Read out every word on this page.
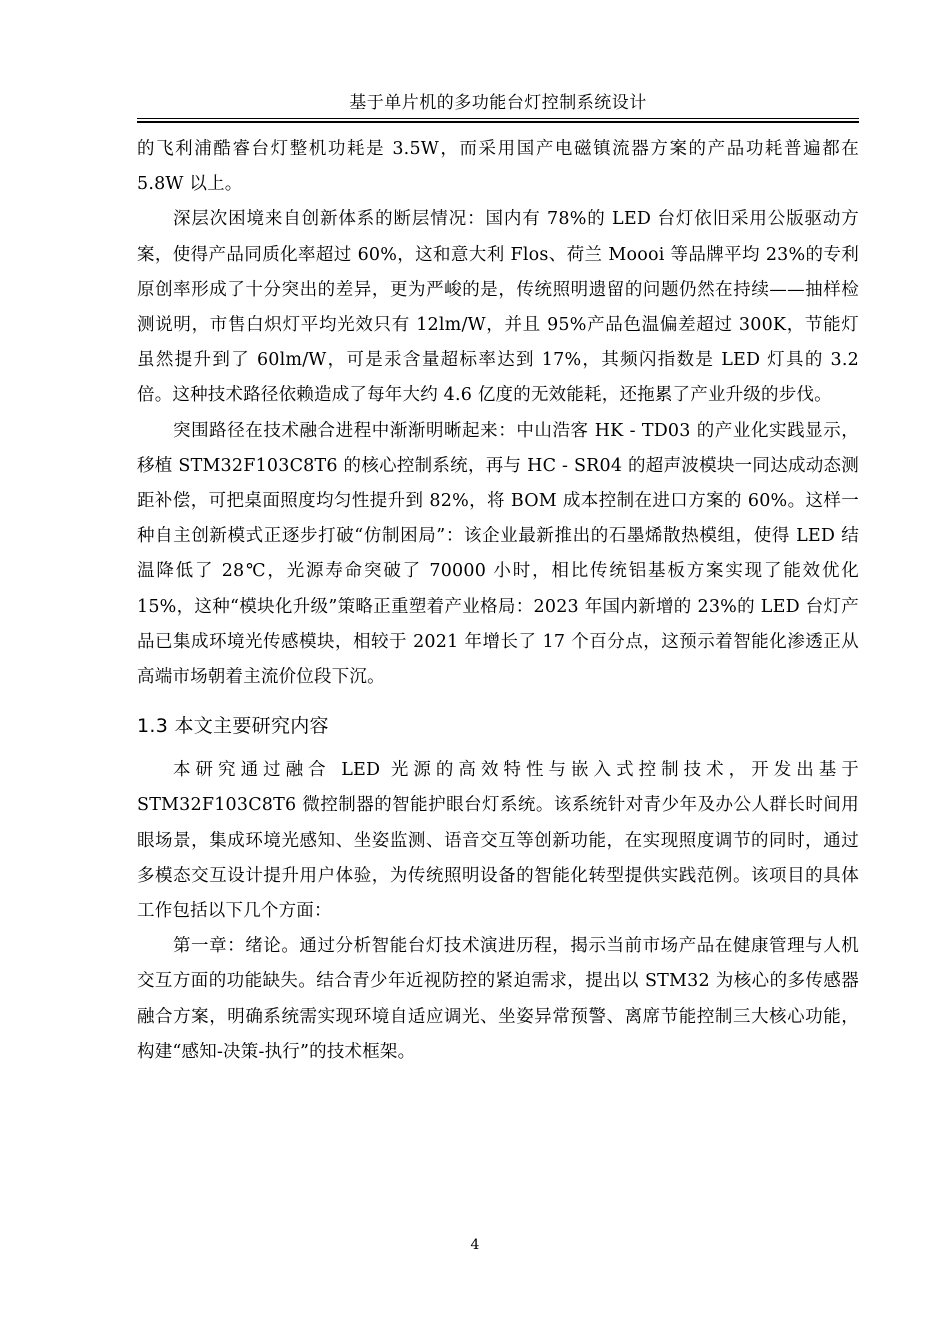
基于单片机的多功能台灯控制系统设计

的飞利浦酷睿台灯整机功耗是 3.5W，而采用国产电磁镇流器方案的产品功耗普遍都在 5.8W 以上。

深层次困境来自创新体系的断层情况：国内有 78%的 LED 台灯依旧采用公版驱动方案，使得产品同质化率超过 60%，这和意大利 Flos、荷兰 Moooi 等品牌平均 23%的专利原创率形成了十分突出的差异，更为严峻的是，传统照明遗留的问题仍然在持续——抽样检测说明，市售白炽灯平均光效只有 12lm/W，并且 95%产品色温偏差超过 300K，节能灯虽然提升到了 60lm/W，可是汞含量超标率达到 17%，其频闪指数是 LED 灯具的 3.2 倍。这种技术路径依赖造成了每年大约 4.6 亿度的无效能耗，还拖累了产业升级的步伐。

突围路径在技术融合进程中渐渐明晰起来：中山浩客 HK - TD03 的产业化实践显示，移植 STM32F103C8T6 的核心控制系统，再与 HC - SR04 的超声波模块一同达成动态测距补偿，可把桌面照度均匀性提升到 82%，将 BOM 成本控制在进口方案的 60%。这样一种自主创新模式正逐步打破“仿制困局”：该企业最新推出的石墨烯散热模组，使得 LED 结温降低了 28℃，光源寿命突破了 70000 小时，相比传统铝基板方案实现了能效优化 15%，这种“模块化升级”策略正重塑着产业格局：2023 年国内新增的 23%的 LED 台灯产品已集成环境光传感模块，相较于 2021 年增长了 17 个百分点，这预示着智能化渗透正从高端市场朝着主流价位段下沉。

1.3 本文主要研究内容

本研究通过融合 LED 光源的高效特性与嵌入式控制技术，开发出基于 STM32F103C8T6 微控制器的智能护眼台灯系统。该系统针对青少年及办公人群长时间用眼场景，集成环境光感知、坐姿监测、语音交互等创新功能，在实现照度调节的同时，通过多模态交互设计提升用户体验，为传统照明设备的智能化转型提供实践范例。该项目的具体工作包括以下几个方面：

第一章：绪论。通过分析智能台灯技术演进历程，揭示当前市场产品在健康管理与人机交互方面的功能缺失。结合青少年近视防控的紧迫需求，提出以 STM32 为核心的多传感器融合方案，明确系统需实现环境自适应调光、坐姿异常预警、离席节能控制三大核心功能，构建“感知-决策-执行”的技术框架。

4
